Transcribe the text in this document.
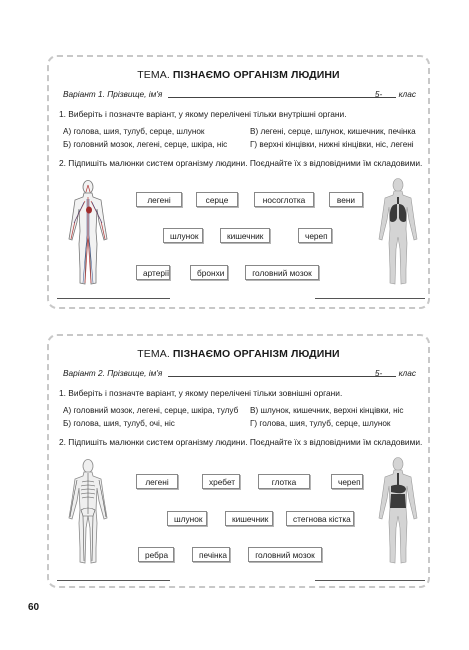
ТЕМА. ПІЗНАЄМО ОРГАНІЗМ ЛЮДИНИ
Варіант 1. Прізвище, ім'я	5- клас
1. Виберіть і позначте варіант, у якому перелічені тільки внутрішні органи.
А) голова, шия, тулуб, серце, шлунок	В) легені, серце, шлунок, кишечник, печінка
Б) головний мозок, легені, серце, шкіра, ніс	Г) верхні кінцівки, нижні кінцівки, ніс, легені
2. Підпишіть малюнки систем організму людини. Поєднайте їх з відповідними їм складовими.
легені	серце	носоглотка	вени
шлунок	кишечник	череп
артерії	бронхи	головний мозок
ТЕМА. ПІЗНАЄМО ОРГАНІЗМ ЛЮДИНИ
Варіант 2. Прізвище, ім'я	5- клас
1. Виберіть і позначте варіант, у якому перелічені тільки зовнішні органи.
А) головний мозок, легені, серце, шкіра, тулуб В) шлунок, кишечник, верхні кінцівки, ніс
Б) голова, шия, тулуб, очі, ніс	Г) голова, шия, тулуб, серце, шлунок
2. Підпишіть малюнки систем організму людини. Поєднайте їх з відповідними їм складовими.
легені	хребет	глотка	череп
шлунок	кишечник	стегнова кістка
ребра	печінка	головний мозок
60
